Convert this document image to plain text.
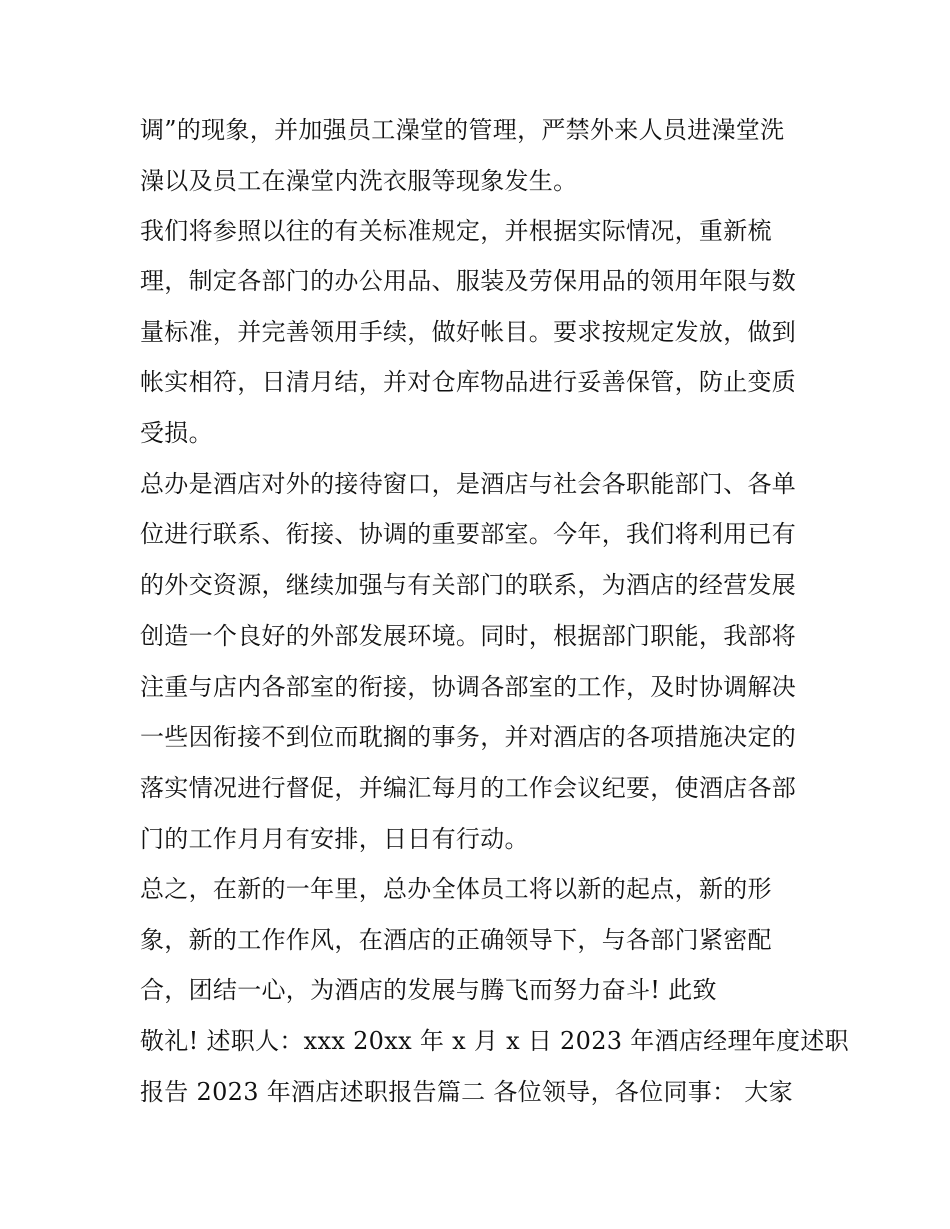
调”的现象，并加强员工澡堂的管理，严禁外来人员进澡堂洗
澡以及员工在澡堂内洗衣服等现象发生。
我们将参照以往的有关标准规定，并根据实际情况，重新梳
理，制定各部门的办公用品、服装及劳保用品的领用年限与数
量标准，并完善领用手续，做好帐目。要求按规定发放，做到
帐实相符，日清月结，并对仓库物品进行妥善保管，防止变质
受损。
总办是酒店对外的接待窗口，是酒店与社会各职能部门、各单
位进行联系、衔接、协调的重要部室。今年，我们将利用已有
的外交资源，继续加强与有关部门的联系，为酒店的经营发展
创造一个良好的外部发展环境。同时，根据部门职能，我部将
注重与店内各部室的衔接，协调各部室的工作，及时协调解决
一些因衔接不到位而耽搁的事务，并对酒店的各项措施决定的
落实情况进行督促，并编汇每月的工作会议纪要，使酒店各部
门的工作月月有安排，日日有行动。
总之，在新的一年里，总办全体员工将以新的起点，新的形
象，新的工作作风，在酒店的正确领导下，与各部门紧密配
合，团结一心，为酒店的发展与腾飞而努力奋斗! 此致
敬礼! 述职人：xxx 20xx 年 x 月 x 日 2023 年酒店经理年度述职
报告 2023 年酒店述职报告篇二 各位领导，各位同事： 大家
